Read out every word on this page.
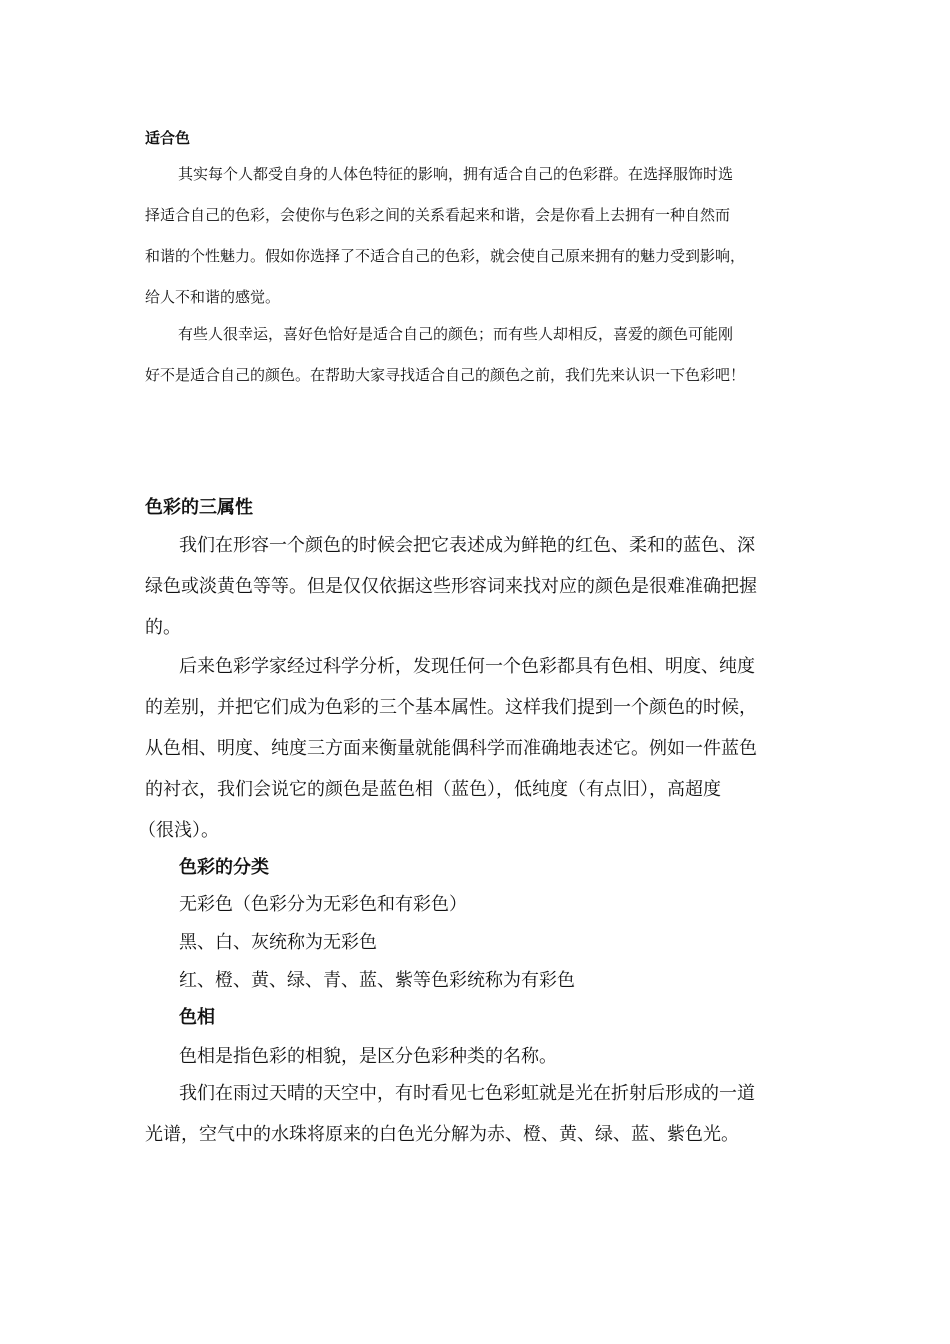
适合色
其实每个人都受自身的人体色特征的影响，拥有适合自己的色彩群。在选择服饰时选
择适合自己的色彩，会使你与色彩之间的关系看起来和谐，会是你看上去拥有一种自然而
和谐的个性魅力。假如你选择了不适合自己的色彩，就会使自己原来拥有的魅力受到影响，
给人不和谐的感觉。
有些人很幸运，喜好色恰好是适合自己的颜色；而有些人却相反，喜爱的颜色可能刚
好不是适合自己的颜色。在帮助大家寻找适合自己的颜色之前，我们先来认识一下色彩吧！
色彩的三属性
我们在形容一个颜色的时候会把它表述成为鲜艳的红色、柔和的蓝色、深
绿色或淡黄色等等。但是仅仅依据这些形容词来找对应的颜色是很难准确把握
的。
后来色彩学家经过科学分析，发现任何一个色彩都具有色相、明度、纯度
的差别，并把它们成为色彩的三个基本属性。这样我们提到一个颜色的时候，
从色相、明度、纯度三方面来衡量就能偶科学而准确地表述它。例如一件蓝色
的衬衣，我们会说它的颜色是蓝色相（蓝色），低纯度（有点旧），高超度
（很浅）。
色彩的分类
无彩色（色彩分为无彩色和有彩色）
黑、白、灰统称为无彩色
红、橙、黄、绿、青、蓝、紫等色彩统称为有彩色
色相
色相是指色彩的相貌，是区分色彩种类的名称。
我们在雨过天晴的天空中，有时看见七色彩虹就是光在折射后形成的一道
光谱，空气中的水珠将原来的白色光分解为赤、橙、黄、绿、蓝、紫色光。
